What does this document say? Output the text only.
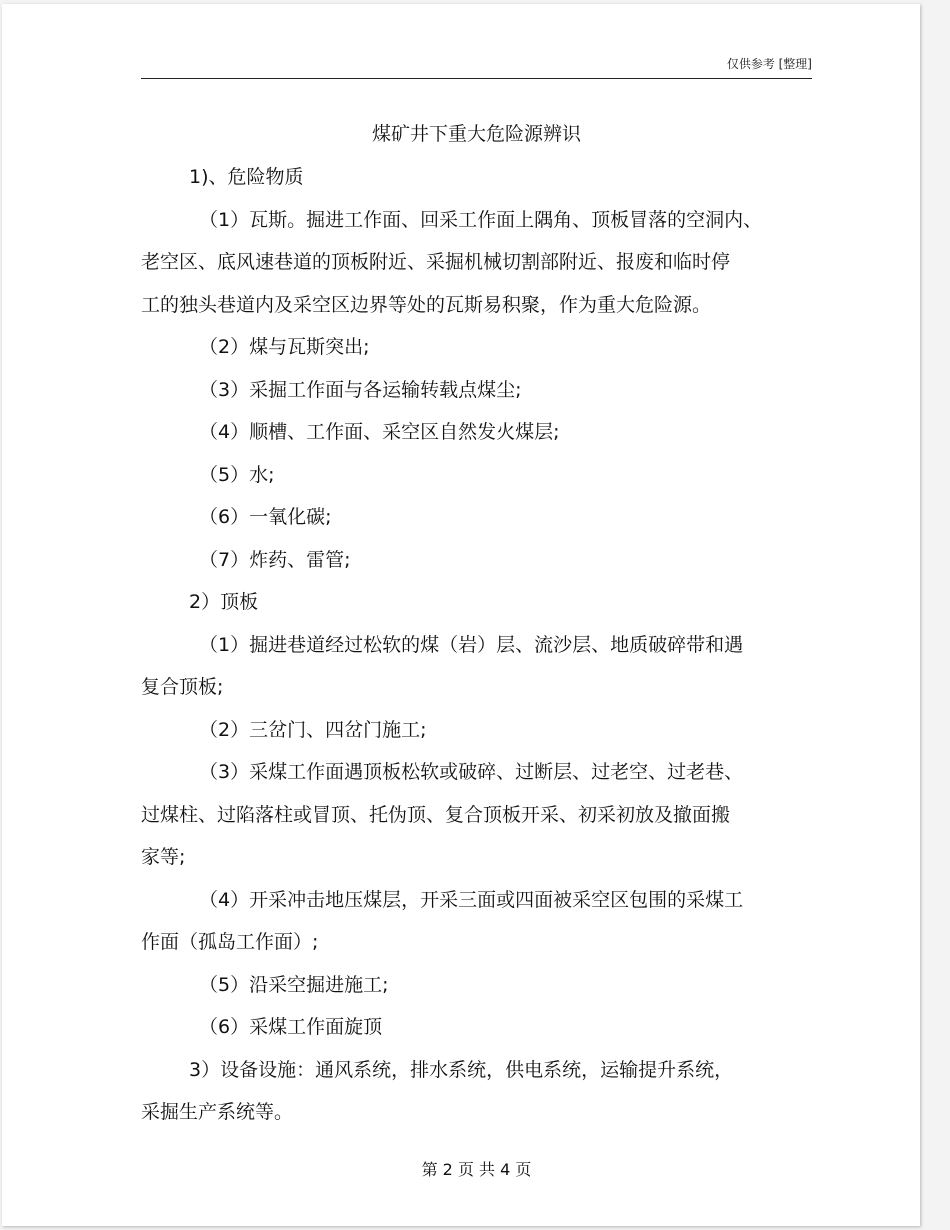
仅供参考 [整理]
煤矿井下重大危险源辨识
1)、危险物质
（1）瓦斯。掘进工作面、回采工作面上隅角、顶板冒落的空洞内、
老空区、底风速巷道的顶板附近、采掘机械切割部附近、报废和临时停
工的独头巷道内及采空区边界等处的瓦斯易积聚，作为重大危险源。
（2）煤与瓦斯突出;
（3）采掘工作面与各运输转载点煤尘;
（4）顺槽、工作面、采空区自然发火煤层;
（5）水;
（6）一氧化碳;
（7）炸药、雷管;
2）顶板
（1）掘进巷道经过松软的煤（岩）层、流沙层、地质破碎带和遇
复合顶板;
（2）三岔门、四岔门施工;
（3）采煤工作面遇顶板松软或破碎、过断层、过老空、过老巷、
过煤柱、过陷落柱或冒顶、托伪顶、复合顶板开采、初采初放及撤面搬
家等;
（4）开采冲击地压煤层，开采三面或四面被采空区包围的采煤工
作面（孤岛工作面）;
（5）沿采空掘进施工;
（6）采煤工作面旋顶
3）设备设施：通风系统，排水系统，供电系统，运输提升系统，
采掘生产系统等。
第 2 页 共 4 页
